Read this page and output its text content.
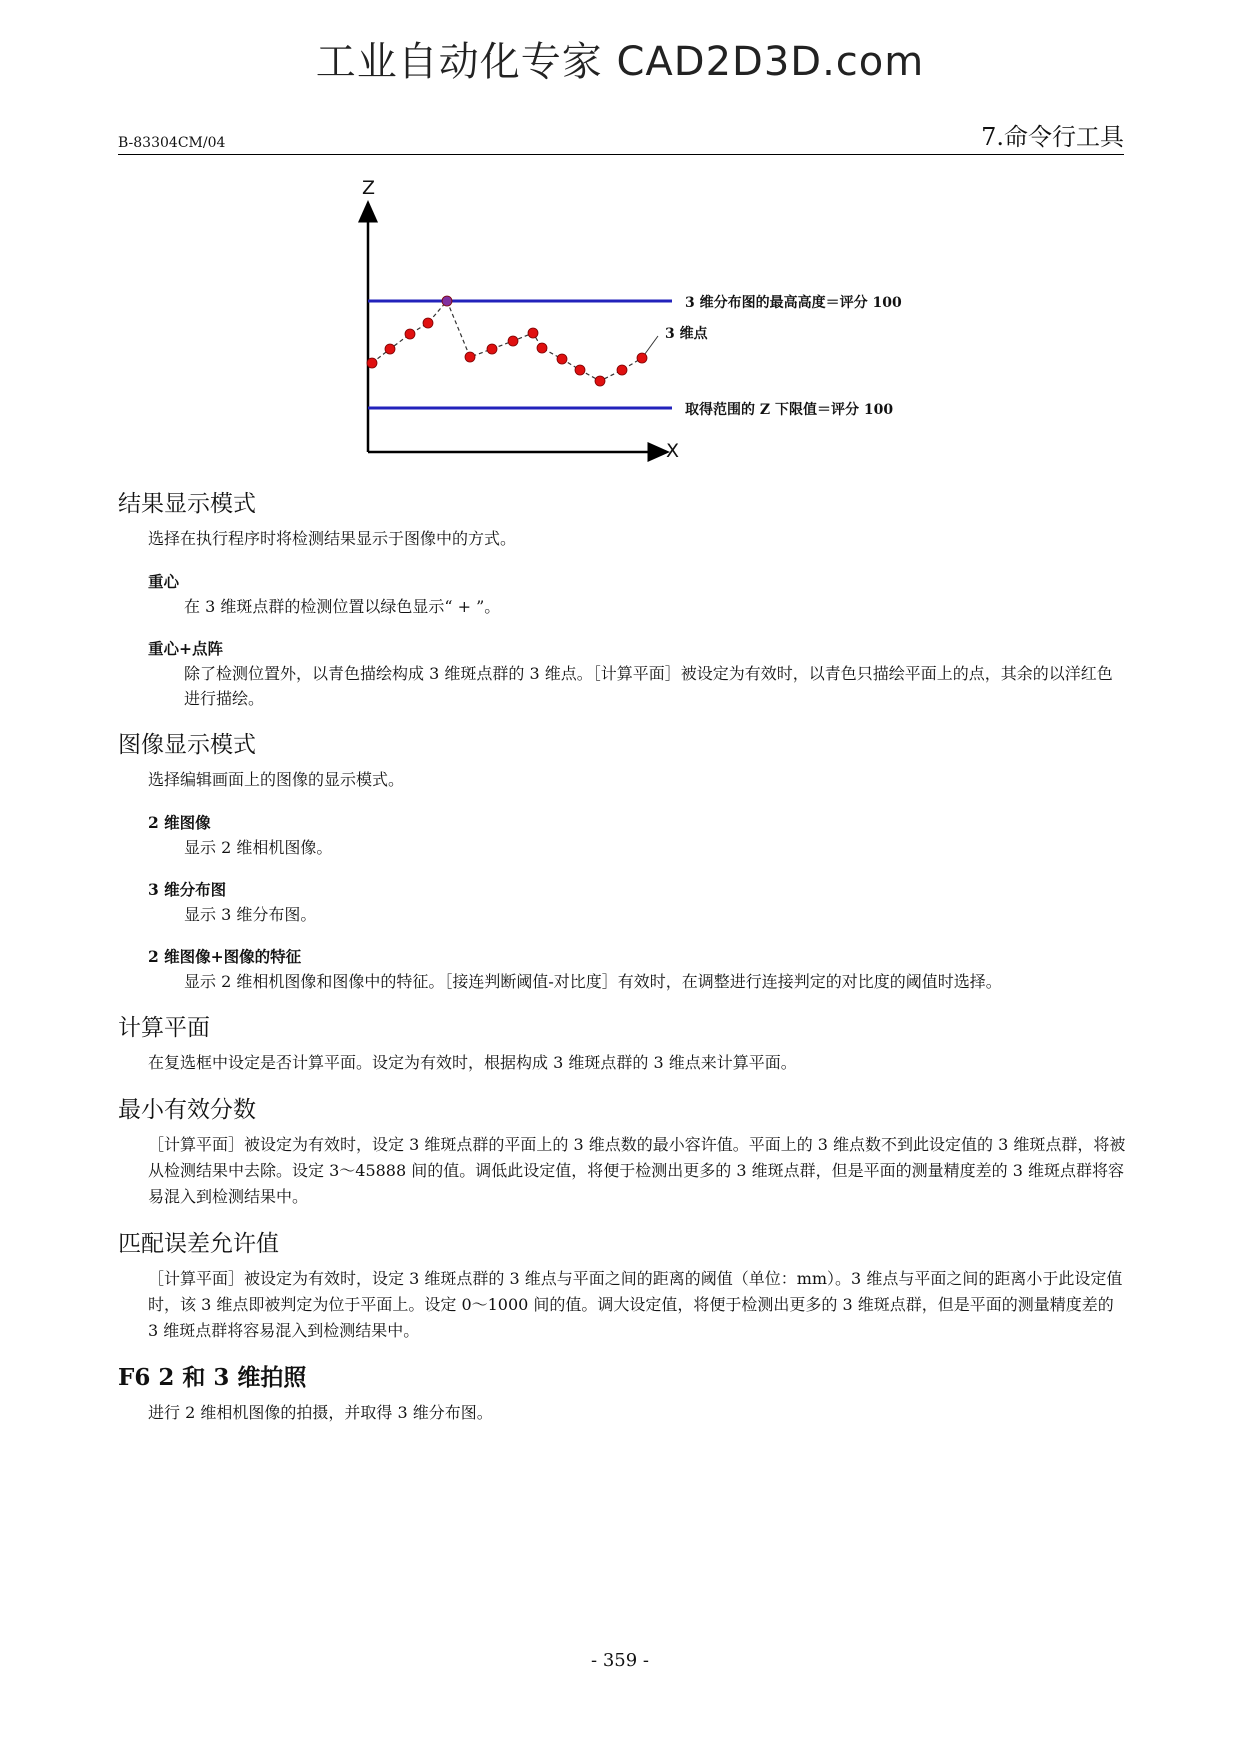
工业自动化专家 CAD2D3D.com
B-83304CM/04	7.命令行工具
Z
X
3 维分布图的最高高度＝评分 100
3 维点
取得范围的 Z 下限值＝评分 100
结果显示模式
选择在执行程序时将检测结果显示于图像中的方式。
重心
在 3 维斑点群的检测位置以绿色显示“ + ”。
重心+点阵
除了检测位置外，以青色描绘构成 3 维斑点群的 3 维点。［计算平面］被设定为有效时，以青色只描绘平面上的点，其余的以洋红色进行描绘。
图像显示模式
选择编辑画面上的图像的显示模式。
2 维图像
显示 2 维相机图像。
3 维分布图
显示 3 维分布图。
2 维图像+图像的特征
显示 2 维相机图像和图像中的特征。［接连判断阈值-对比度］有效时，在调整进行连接判定的对比度的阈值时选择。
计算平面
在复选框中设定是否计算平面。设定为有效时，根据构成 3 维斑点群的 3 维点来计算平面。
最小有效分数
［计算平面］被设定为有效时，设定 3 维斑点群的平面上的 3 维点数的最小容许值。平面上的 3 维点数不到此设定值的 3 维斑点群，将被从检测结果中去除。设定 3～45888 间的值。调低此设定值，将便于检测出更多的 3 维斑点群，但是平面的测量精度差的 3 维斑点群将容易混入到检测结果中。
匹配误差允许值
［计算平面］被设定为有效时，设定 3 维斑点群的 3 维点与平面之间的距离的阈值（单位：mm）。3 维点与平面之间的距离小于此设定值时，该 3 维点即被判定为位于平面上。设定 0～1000 间的值。调大设定值，将便于检测出更多的 3 维斑点群，但是平面的测量精度差的 3 维斑点群将容易混入到检测结果中。
F6 2 和 3 维拍照
进行 2 维相机图像的拍摄，并取得 3 维分布图。
- 359 -
